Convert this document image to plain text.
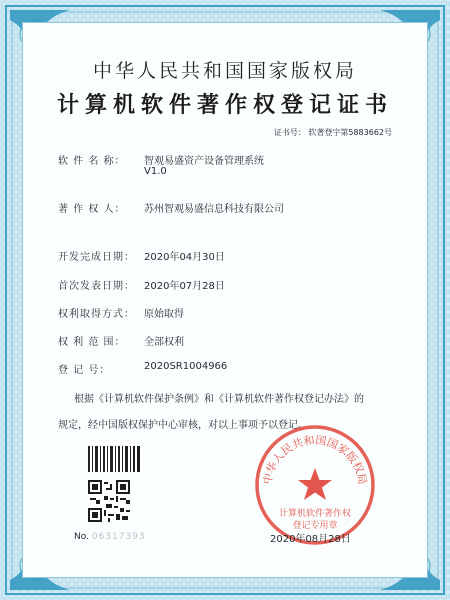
中华人民共和国国家版权局
计算机软件著作权登记证书
证书号： 软著登字第5883662号
软 件 名 称： 智观易盛资产设备管理系统
V1.0
著 作 权 人： 苏州智观易盛信息科技有限公司
开发完成日期： 2020年04月30日
首次发表日期： 2020年07月28日
权利取得方式： 原始取得
权 利 范 围： 全部权利
登 记 号：	2020SR1004966
根据《计算机软件保护条例》和《计算机软件著作权登记办法》的
规定，经中国版权保护中心审核，对以上事项予以登记。
No. 06317393
中华人民共和国国家版权局
计算机软件著作权
登记专用章
2020年08月28日
